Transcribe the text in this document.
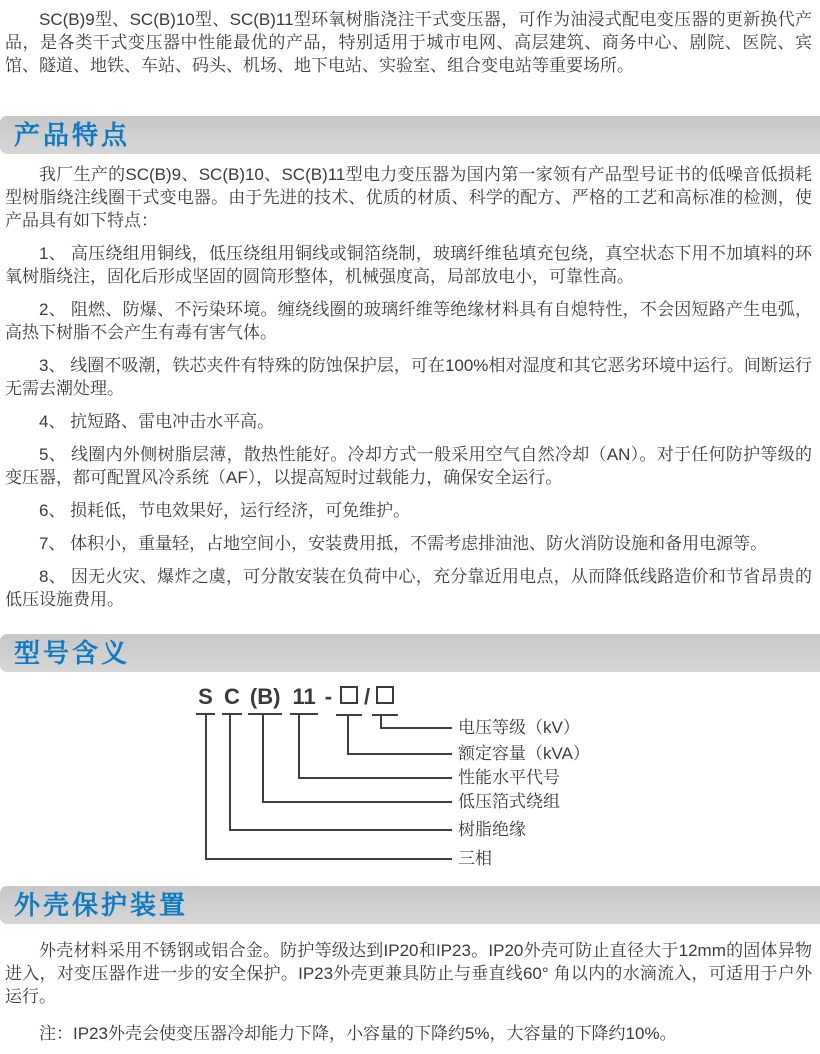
SC(B)9型、SC(B)10型、SC(B)11型环氧树脂浇注干式变压器，可作为油浸式配电变压器的更新换代产品，是各类干式变压器中性能最优的产品，特别适用于城市电网、高层建筑、商务中心、剧院、医院、宾馆、隧道、地铁、车站、码头、机场、地下电站、实验室、组合变电站等重要场所。

产品特点

我厂生产的SC(B)9、SC(B)10、SC(B)11型电力变压器为国内第一家领有产品型号证书的低噪音低损耗型树脂绕注线圈干式变电器。由于先进的技术、优质的材质、科学的配方、严格的工艺和高标准的检测，使产品具有如下特点：

1、 高压绕组用铜线，低压绕组用铜线或铜箔绕制，玻璃纤维毡填充包绕，真空状态下用不加填料的环氧树脂绕注，固化后形成坚固的圆筒形整体，机械强度高，局部放电小，可靠性高。

2、 阻燃、防爆、不污染环境。缠绕线圈的玻璃纤维等绝缘材料具有自熄特性，不会因短路产生电弧，高热下树脂不会产生有毒有害气体。

3、 线圈不吸潮，铁芯夹件有特殊的防蚀保护层，可在100%相对湿度和其它恶劣环境中运行。间断运行无需去潮处理。

4、 抗短路、雷电冲击水平高。

5、 线圈内外侧树脂层薄，散热性能好。冷却方式一般采用空气自然冷却（AN）。对于任何防护等级的变压器，都可配置风冷系统（AF），以提高短时过载能力，确保安全运行。

6、 损耗低，节电效果好，运行经济，可免维护。

7、 体积小，重量轻，占地空间小，安装费用抵，不需考虑排油池、防火消防设施和备用电源等。

8、 因无火灾、爆炸之虞，可分散安装在负荷中心，充分靠近用电点，从而降低线路造价和节省昂贵的低压设施费用。

型号含义
S C (B) 11 - /
电压等级（kV）
额定容量（kVA）
性能水平代号
低压箔式绕组
树脂绝缘
三相
外壳保护装置

外壳材料采用不锈钢或铝合金。防护等级达到IP20和IP23。IP20外壳可防止直径大于12mm的固体异物进入，对变压器作进一步的安全保护。IP23外壳更兼具防止与垂直线60° 角以内的水滴流入，可适用于户外运行。

注：IP23外壳会使变压器冷却能力下降，小容量的下降约5%，大容量的下降约10%。
